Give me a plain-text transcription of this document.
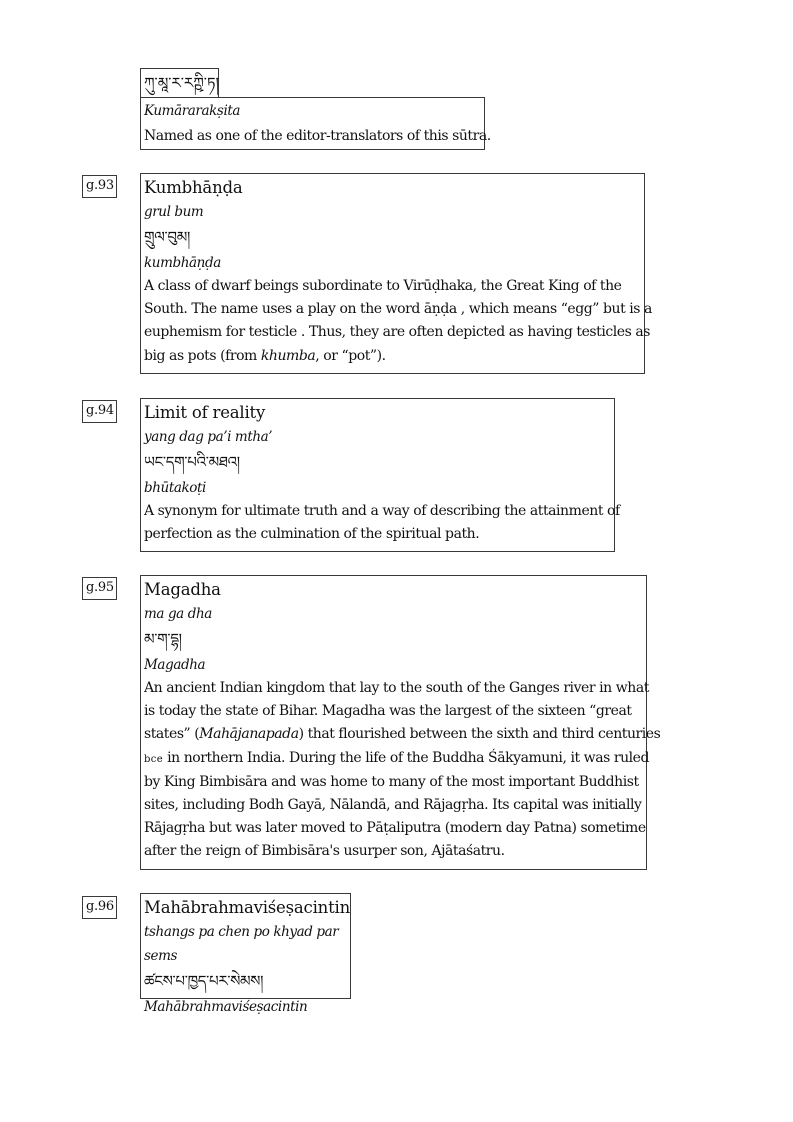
ཀུ་མཱ་ར་རཀྵི་ཏ།
Kumārarakṣita
Named as one of the editor-translators of this sūtra.
g.93 Kumbhāṇḍa
grul bum
གྲུལ་བུམ།
kumbhāṇḍa
A class of dwarf beings subordinate to Virūḍhaka, the Great King of the
South. The name uses a play on the word āṇḍa , which means “egg” but is a
euphemism for testicle . Thus, they are often depicted as having testicles as
big as pots (from khumba, or “pot”).
g.94 Limit of reality
yang dag pa’i mtha’
ཡང་དག་པའི་མཐའ།
bhūtakoṭi
A synonym for ultimate truth and a way of describing the attainment of
perfection as the culmination of the spiritual path.
g.95 Magadha
ma ga dha
མ་ག་དྷ།
Magadha
An ancient Indian kingdom that lay to the south of the Ganges river in what
is today the state of Bihar. Magadha was the largest of the sixteen “great
states” (Mahājanapada) that flourished between the sixth and third centuries
bce in northern India. During the life of the Buddha Śākyamuni, it was ruled
by King Bimbisāra and was home to many of the most important Buddhist
sites, including Bodh Gayā, Nālandā, and Rājagṛha. Its capital was initially
Rājagṛha but was later moved to Pāṭaliputra (modern day Patna) sometime
after the reign of Bimbisāra's usurper son, Ajātaśatru.
g.96 Mahābrahmaviśeṣacintin
tshangs pa chen po khyad par sems
ཚངས་པ་ཁྱད་པར་སེམས།
Mahābrahmaviśeṣacintin
